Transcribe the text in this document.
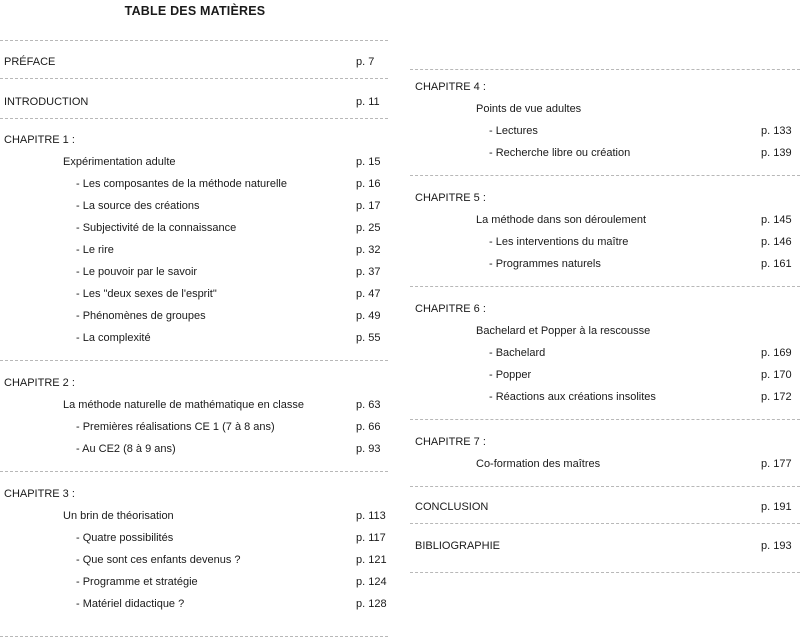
TABLE DES MATIÈRES
PRÉFACE	p. 7
INTRODUCTION	p. 11
CHAPITRE 1 :
Expérimentation adulte	p. 15
- Les composantes de la méthode naturelle	p. 16
- La source des créations	p. 17
- Subjectivité de la connaissance	p. 25
- Le rire	p. 32
- Le pouvoir par le savoir	p. 37
- Les "deux sexes de l'esprit"	p. 47
- Phénomènes de groupes	p. 49
- La complexité	p. 55
CHAPITRE 2 :
La méthode naturelle de mathématique en classe	p. 63
- Premières réalisations CE 1 (7 à 8 ans)	p. 66
- Au CE2 (8 à 9 ans)	p. 93
CHAPITRE 3 :
Un brin de théorisation	p. 113
- Quatre possibilités	p. 117
- Que sont ces enfants devenus ?	p. 121
- Programme et stratégie	p. 124
- Matériel didactique ?	p. 128
CHAPITRE 4 :
Points de vue adultes
- Lectures	p. 133
- Recherche libre ou création	p. 139
CHAPITRE 5 :
La méthode dans son déroulement	p. 145
- Les interventions du maître	p. 146
- Programmes naturels	p. 161
CHAPITRE 6 :
Bachelard et Popper à la rescousse
- Bachelard	p. 169
- Popper	p. 170
- Réactions aux créations insolites	p. 172
CHAPITRE 7 :
Co-formation des maîtres	p. 177
CONCLUSION	p. 191
BIBLIOGRAPHIE	p. 193
